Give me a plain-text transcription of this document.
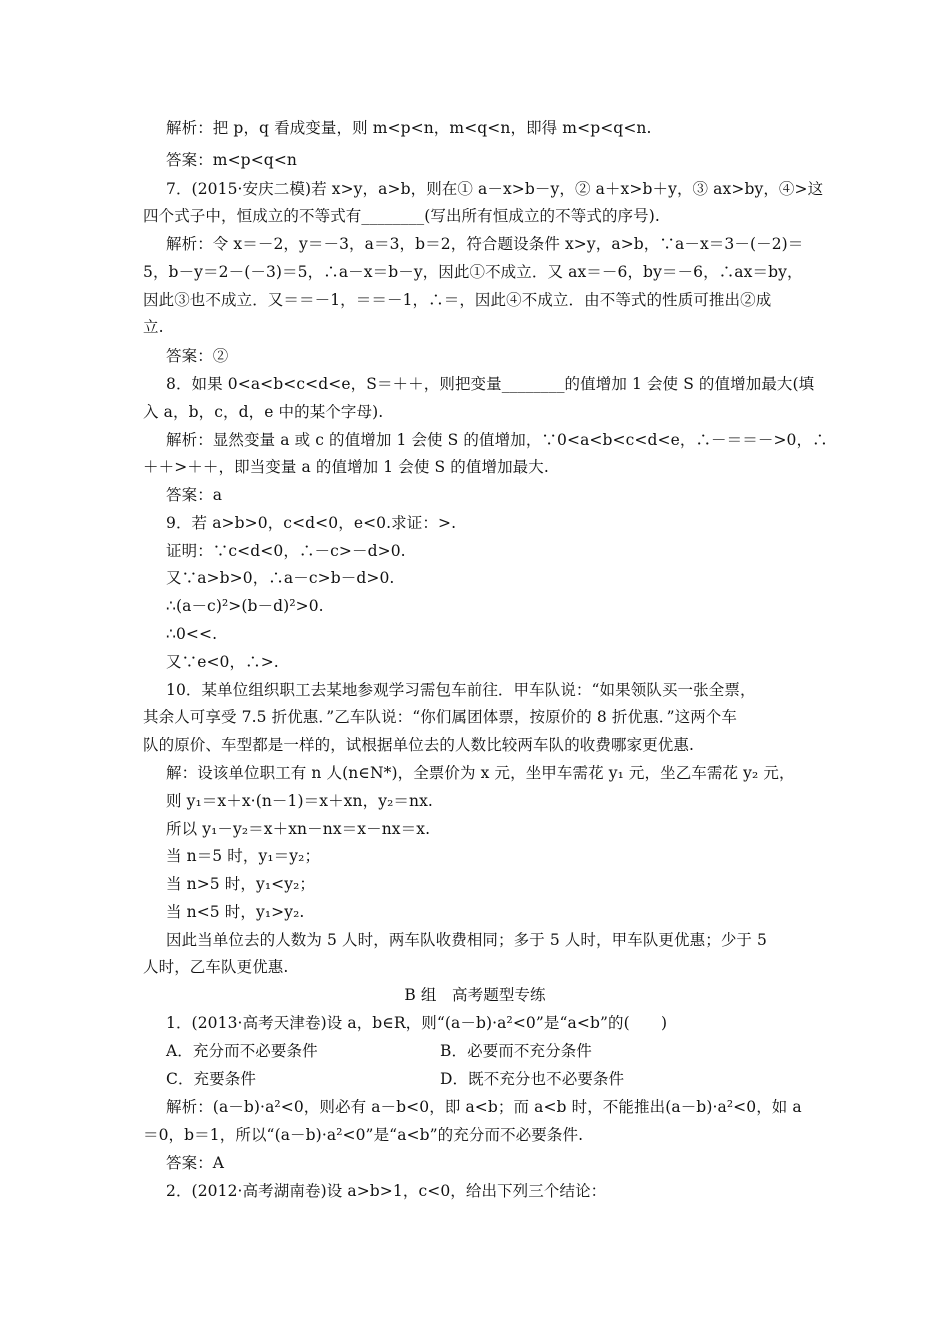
解析：把 p，q 看成变量，则 m<p<n，m<q<n，即得 m<p<q<n.
答案：m<p<q<n
7．(2015·安庆二模)若 x>y，a>b，则在① a－x>b－y，② a＋x>b＋y，③ ax>by，④>这
四个式子中，恒成立的不等式有________(写出所有恒成立的不等式的序号).
解析：令 x＝－2，y＝－3，a＝3，b＝2，符合题设条件 x>y，a>b，∵a－x＝3－(－2)＝
5，b－y＝2－(－3)＝5，∴a－x＝b－y，因此①不成立．又 ax＝－6，by＝－6，∴ax＝by，
因此③也不成立．又＝＝－1，＝＝－1，∴＝，因此④不成立．由不等式的性质可推出②成
立.
答案：②
8．如果 0<a<b<c<d<e，S＝＋＋，则把变量________的值增加 1 会使 S 的值增加最大(填
入 a，b，c，d，e 中的某个字母).
解析：显然变量 a 或 c 的值增加 1 会使 S 的值增加，∵0<a<b<c<d<e，∴－＝＝－>0，∴
＋＋>＋＋，即当变量 a 的值增加 1 会使 S 的值增加最大.
答案：a
9．若 a>b>0，c<d<0，e<0.求证：>.
证明：∵c<d<0，∴－c>－d>0.
又∵a>b>0，∴a－c>b－d>0.
∴(a－c)²>(b－d)²>0.
∴0<<.
又∵e<0，∴>.
10．某单位组织职工去某地参观学习需包车前往．甲车队说：“如果领队买一张全票，
其余人可享受 7.5 折优惠．”乙车队说：“你们属团体票，按原价的 8 折优惠．”这两个车
队的原价、车型都是一样的，试根据单位去的人数比较两车队的收费哪家更优惠.
解：设该单位职工有 n 人(n∈N*)，全票价为 x 元，坐甲车需花 y₁ 元，坐乙车需花 y₂ 元，
则 y₁＝x＋x·(n－1)＝x＋xn，y₂＝nx.
所以 y₁－y₂＝x＋xn－nx＝x－nx＝x.
当 n＝5 时，y₁＝y₂；
当 n>5 时，y₁<y₂；
当 n<5 时，y₁>y₂.
因此当单位去的人数为 5 人时，两车队收费相同；多于 5 人时，甲车队更优惠；少于 5
人时，乙车队更优惠.
B 组　高考题型专练
1．(2013·高考天津卷)设 a，b∈R，则“(a－b)·a²<0”是“a<b”的(　　)
A．充分而不必要条件	B．必要而不充分条件
C．充要条件	D．既不充分也不必要条件
解析：(a－b)·a²<0，则必有 a－b<0，即 a<b；而 a<b 时，不能推出(a－b)·a²<0，如 a
＝0，b＝1，所以“(a－b)·a²<0”是“a<b”的充分而不必要条件.
答案：A
2．(2012·高考湖南卷)设 a>b>1，c<0，给出下列三个结论：
